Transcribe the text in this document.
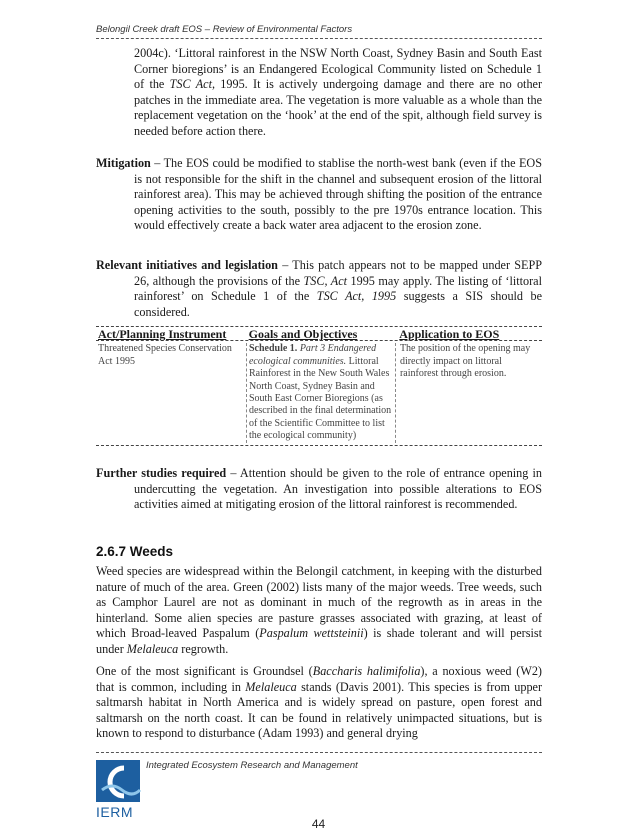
Belongil Creek draft EOS – Review of Environmental Factors
2004c). ‘Littoral rainforest in the NSW North Coast, Sydney Basin and South East Corner bioregions’ is an Endangered Ecological Community listed on Schedule 1 of the TSC Act, 1995. It is actively undergoing damage and there are no other patches in the immediate area. The vegetation is more valuable as a whole than the replacement vegetation on the ‘hook’ at the end of the spit, although field survey is needed before action there.
Mitigation – The EOS could be modified to stablise the north-west bank (even if the EOS is not responsible for the shift in the channel and subsequent erosion of the littoral rainforest area). This may be achieved through shifting the position of the entrance opening activities to the south, possibly to the pre 1970s entrance location. This would effectively create a back water area adjacent to the erosion zone.
Relevant initiatives and legislation – This patch appears not to be mapped under SEPP 26, although the provisions of the TSC, Act 1995 may apply. The listing of ‘littoral rainforest’ on Schedule 1 of the TSC Act, 1995 suggests a SIS should be considered.
Act/Planning Instrument	Goals and Objectives	Application to EOS
Threatened Species Conservation Act 1995
Schedule 1. Part 3 Endangered ecological communities. Littoral Rainforest in the New South Wales North Coast, Sydney Basin and South East Corner Bioregions (as described in the final determination of the Scientific Committee to list the ecological community)
The position of the opening may directly impact on littoral rainforest through erosion.
Further studies required – Attention should be given to the role of entrance opening in undercutting the vegetation. An investigation into possible alterations to EOS activities aimed at mitigating erosion of the littoral rainforest is recommended.
2.6.7 Weeds
Weed species are widespread within the Belongil catchment, in keeping with the disturbed nature of much of the area. Green (2002) lists many of the major weeds. Tree weeds, such as Camphor Laurel are not as dominant in much of the regrowth as in areas in the hinterland. Some alien species are pasture grasses associated with grazing, at least of which Broad-leaved Paspalum (Paspalum wettsteinii) is shade tolerant and will persist under Melaleuca regrowth.
One of the most significant is Groundsel (Baccharis halimifolia), a noxious weed (W2) that is common, including in Melaleuca stands (Davis 2001). This species is from upper saltmarsh habitat in North America and is widely spread on pasture, open forest and saltmarsh on the north coast. It can be found in relatively unimpacted situations, but is known to respond to disturbance (Adam 1993) and general drying
Integrated Ecosystem Research and Management
IERM
44
